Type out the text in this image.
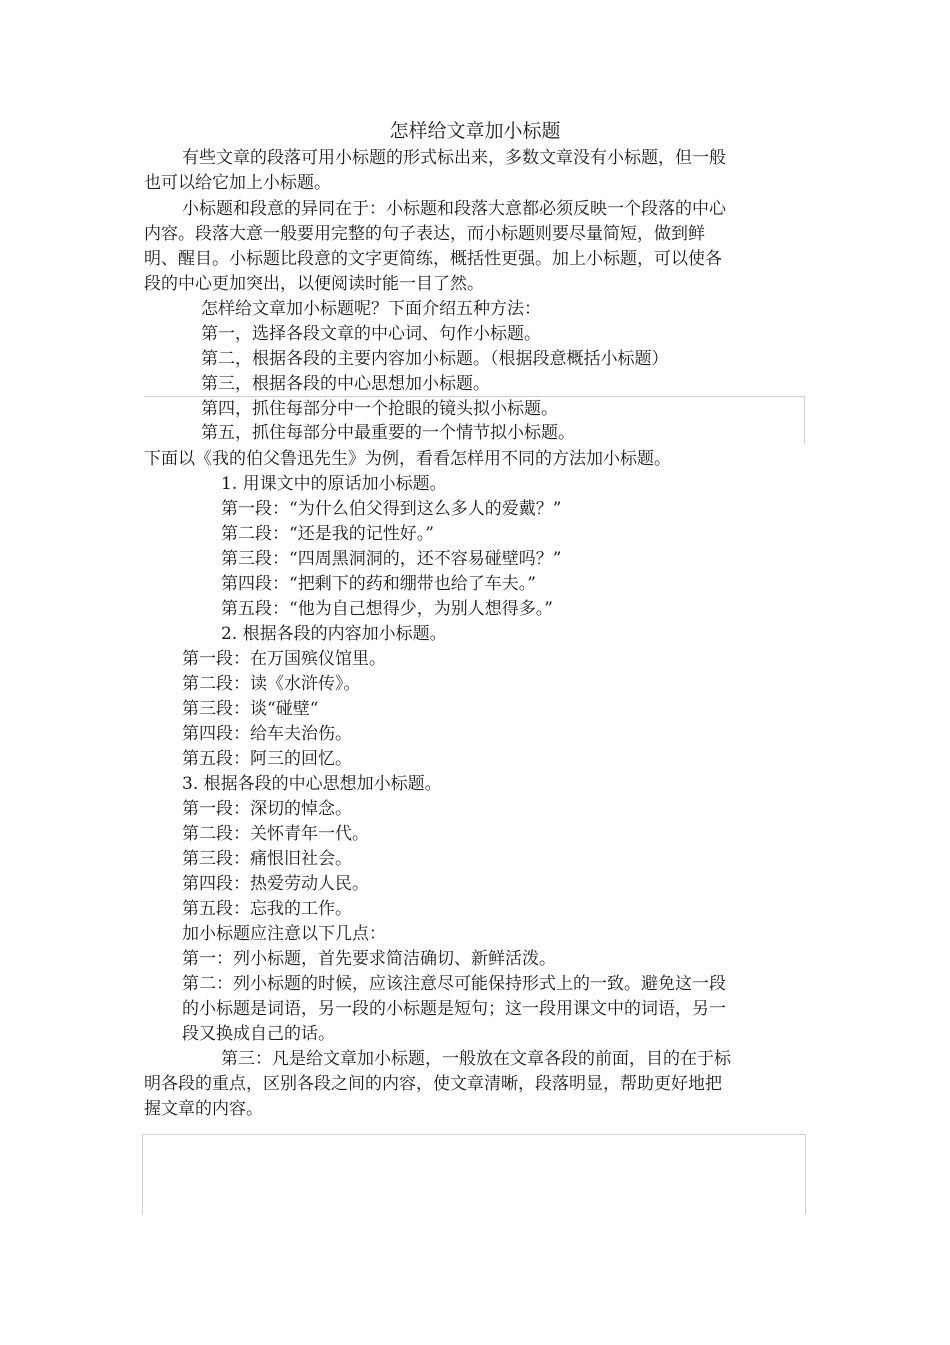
怎样给文章加小标题
有些文章的段落可用小标题的形式标出来，多数文章没有小标题，但一般
也可以给它加上小标题。
小标题和段意的异同在于：小标题和段落大意都必须反映一个段落的中心
内容。段落大意一般要用完整的句子表达，而小标题则要尽量简短，做到鲜
明、醒目。小标题比段意的文字更简练，概括性更强。加上小标题，可以使各
段的中心更加突出，以便阅读时能一目了然。
怎样给文章加小标题呢？下面介绍五种方法：
第一，选择各段文章的中心词、句作小标题。
第二，根据各段的主要内容加小标题。（根据段意概括小标题）
第三，根据各段的中心思想加小标题。
第四，抓住每部分中一个抢眼的镜头拟小标题。
第五，抓住每部分中最重要的一个情节拟小标题。
下面以《我的伯父鲁迅先生》为例，看看怎样用不同的方法加小标题。
1. 用课文中的原话加小标题。
第一段：“为什么伯父得到这么多人的爱戴？”
第二段：“还是我的记性好。”
第三段：“四周黑洞洞的，还不容易碰壁吗？”
第四段：“把剩下的药和绷带也给了车夫。”
第五段：“他为自己想得少，为别人想得多。”
2. 根据各段的内容加小标题。
第一段：在万国殡仪馆里。
第二段：读《水浒传》。
第三段：谈“碰壁“
第四段：给车夫治伤。
第五段：阿三的回忆。
3. 根据各段的中心思想加小标题。
第一段：深切的悼念。
第二段：关怀青年一代。
第三段：痛恨旧社会。
第四段：热爱劳动人民。
第五段：忘我的工作。
加小标题应注意以下几点：
第一：列小标题，首先要求简洁确切、新鲜活泼。
第二：列小标题的时候，应该注意尽可能保持形式上的一致。避免这一段
的小标题是词语，另一段的小标题是短句；这一段用课文中的词语，另一
段又换成自己的话。
第三：凡是给文章加小标题，一般放在文章各段的前面，目的在于标
明各段的重点，区别各段之间的内容，使文章清晰，段落明显，帮助更好地把
握文章的内容。
